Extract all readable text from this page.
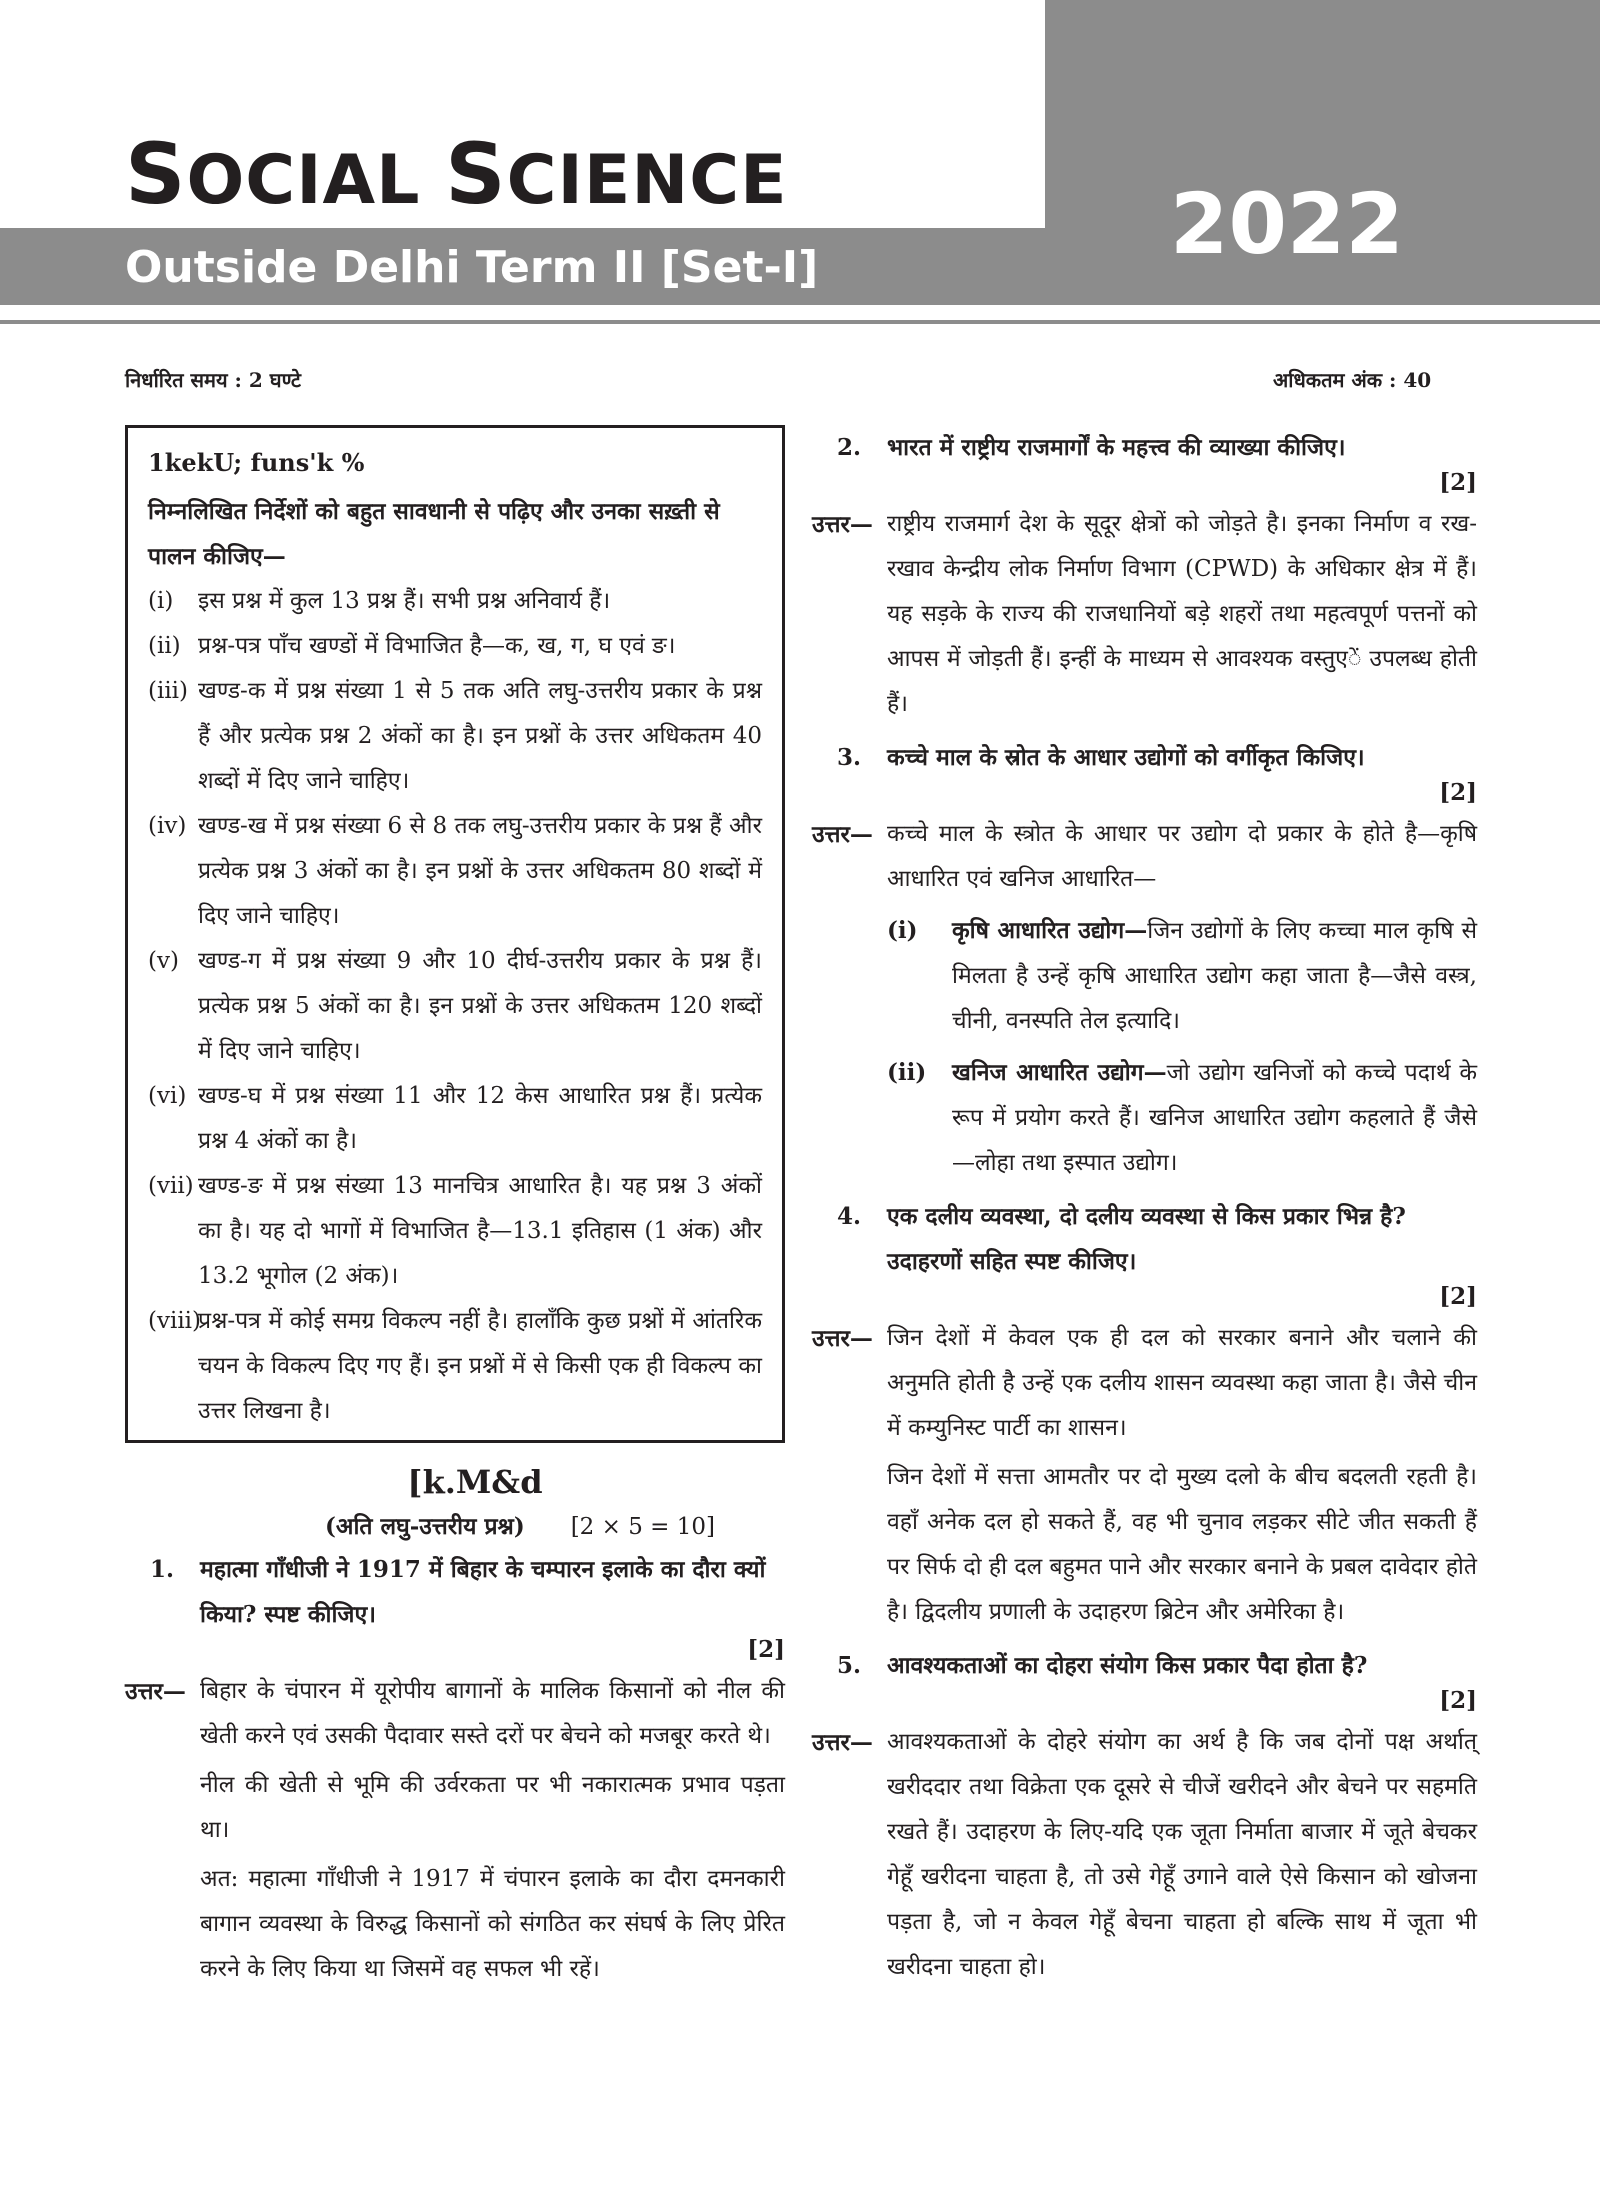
SOCIAL SCIENCE	2022
Outside Delhi Term II [Set-I]
निर्धारित समय : 2 घण्टे	अधिकतम अंक : 40
1kekU; funs'k %
निम्नलिखित निर्देशों को बहुत सावधानी से पढ़िए और उनका सख़्ती से पालन कीजिए—
(i)	इस प्रश्न में कुल 13 प्रश्न हैं। सभी प्रश्न अनिवार्य हैं।
(ii) प्रश्न-पत्र पाँच खण्डों में विभाजित है—क, ख, ग, घ एवं ङ।
(iii) खण्ड-क में प्रश्न संख्या 1 से 5 तक अति लघु-उत्तरीय प्रकार के प्रश्न हैं और प्रत्येक प्रश्न 2 अंकों का है। इन प्रश्नों के उत्तर अधिकतम 40 शब्दों में दिए जाने चाहिए।
(iv) खण्ड-ख में प्रश्न संख्या 6 से 8 तक लघु-उत्तरीय प्रकार के प्रश्न हैं और प्रत्येक प्रश्न 3 अंकों का है। इन प्रश्नों के उत्तर अधिकतम 80 शब्दों में दिए जाने चाहिए।
(v) खण्ड-ग में प्रश्न संख्या 9 और 10 दीर्घ-उत्तरीय प्रकार के प्रश्न हैं। प्रत्येक प्रश्न 5 अंकों का है। इन प्रश्नों के उत्तर अधिकतम 120 शब्दों में दिए जाने चाहिए।
(vi) खण्ड-घ में प्रश्न संख्या 11 और 12 केस आधारित प्रश्न हैं। प्रत्येक प्रश्न 4 अंकों का है।
(vii) खण्ड-ङ में प्रश्न संख्या 13 मानचित्र आधारित है। यह प्रश्न 3 अंकों का है। यह दो भागों में विभाजित है—13.1 इतिहास (1 अंक) और 13.2 भूगोल (2 अंक)।
(viii)
प्रश्न-पत्र में कोई समग्र विकल्प नहीं है। हालाँकि कुछ प्रश्नों में आंतरिक चयन के विकल्प दिए गए हैं। इन प्रश्नों में से किसी एक ही विकल्प का उत्तर लिखना है।
[k.M&d
(अति लघु-उत्तरीय प्रश्न) [2 × 5 = 10]
1.	महात्मा गाँधीजी ने 1917 में बिहार के चम्पारन इलाके का दौरा क्यों किया? स्पष्ट कीजिए।
[2]
उत्तर— बिहार के चंपारन में यूरोपीय बागानों के मालिक किसानों को नील की खेती करने एवं उसकी पैदावार सस्ते दरों पर बेचने को मजबूर करते थे।
नील की खेती से भूमि की उर्वरकता पर भी नकारात्मक प्रभाव पड़ता था।
अत: महात्मा गाँधीजी ने 1917 में चंपारन इलाके का दौरा दमनकारी बागान व्यवस्था के विरुद्ध किसानों को संगठित कर संघर्ष के लिए प्रेरित करने के लिए किया था जिसमें वह सफल भी रहें।
2.	भारत में राष्ट्रीय राजमार्गों के महत्त्व की व्याख्या कीजिए।
[2]
उत्तर— राष्ट्रीय राजमार्ग देश के सूदूर क्षेत्रों को जोड़ते है। इनका निर्माण व रख-रखाव केन्द्रीय लोक निर्माण विभाग (CPWD) के अधिकार क्षेत्र में हैं। यह सड़के के राज्य की राजधानियों बड़े शहरों तथा महत्वपूर्ण पत्तनों को आपस में जोड़ती हैं। इन्हीं के माध्यम से आवश्यक वस्तुएें उपलब्ध होती हैं।
3.	कच्चे माल के स्रोत के आधार उद्योगों को वर्गीकृत किजिए।
[2]
उत्तर— कच्चे माल के स्त्रोत के आधार पर उद्योग दो प्रकार के होते है—कृषि आधारित एवं खनिज आधारित—
(i)	कृषि आधारित उद्योग—जिन उद्योगों के लिए कच्चा माल कृषि से मिलता है उन्हें कृषि आधारित उद्योग कहा जाता है—जैसे वस्त्र, चीनी, वनस्पति तेल इत्यादि।
(ii)	खनिज आधारित उद्योग—जो उद्योग खनिजों को कच्चे पदार्थ के रूप में प्रयोग करते हैं। खनिज आधारित उद्योग कहलाते हैं जैसे—लोहा तथा इस्पात उद्योग।
4.	एक दलीय व्यवस्था, दो दलीय व्यवस्था से किस प्रकार भिन्न है? उदाहरणों सहित स्पष्ट कीजिए।
[2]
उत्तर— जिन देशों में केवल एक ही दल को सरकार बनाने और चलाने की अनुमति होती है उन्हें एक दलीय शासन व्यवस्था कहा जाता है। जैसे चीन में कम्युनिस्ट पार्टी का शासन।
जिन देशों में सत्ता आमतौर पर दो मुख्य दलो के बीच बदलती रहती है। वहाँ अनेक दल हो सकते हैं, वह भी चुनाव लड़कर सीटे जीत सकती हैं पर सिर्फ दो ही दल बहुमत पाने और सरकार बनाने के प्रबल दावेदार होते है। द्विदलीय प्रणाली के उदाहरण ब्रिटेन और अमेरिका है।
5.	आवश्यकताओं का दोहरा संयोग किस प्रकार पैदा होता है?
[2]
उत्तर— आवश्यकताओं के दोहरे संयोग का अर्थ है कि जब दोनों पक्ष अर्थात् खरीददार तथा विक्रेता एक दूसरे से चीजें खरीदने और बेचने पर सहमति रखते हैं। उदाहरण के लिए-यदि एक जूता निर्माता बाजार में जूते बेचकर गेहूँ खरीदना चाहता है, तो उसे गेहूँ उगाने वाले ऐसे किसान को खोजना पड़ता है, जो न केवल गेहूँ बेचना चाहता हो बल्कि साथ में जूता भी खरीदना चाहता हो।
